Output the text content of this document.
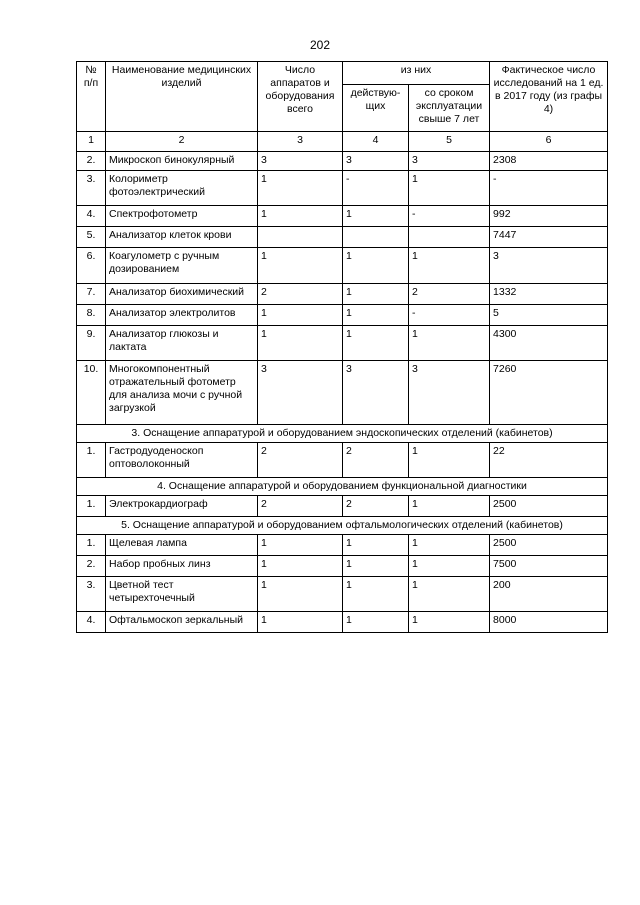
202
№ п/п	Наименование медицинских изделий	Число аппаратов и оборудования всего	из них		Фактическое число исследований на 1 ед. в 2017 году (из графы 4)
			действую-щих	со сроком эксплуатации свыше 7 лет	
1	2	3	4	5	6
2.	Микроскоп бинокулярный	3	3	3	2308
3.	Колориметр фотоэлектрический	1	-	1	-
4.	Спектрофотометр	1	1	-	992
5.	Анализатор клеток крови				7447
6.	Коагулометр с ручным дозированием	1	1	1	3
7.	Анализатор биохимический	2	1	2	1332
8.	Анализатор электролитов	1	1	-	5
9.	Анализатор глюкозы и лактата	1	1	1	4300
10.	Многокомпонентный отражательный фотометр для анализа мочи с ручной загрузкой	3	3	3	7260
3. Оснащение аппаратурой и оборудованием эндоскопических отделений (кабинетов)					
1.	Гастродуоденоскоп оптоволоконный	2	2	1	22
4. Оснащение аппаратурой и оборудованием функциональной диагностики					
1.	Электрокардиограф	2	2	1	2500
5. Оснащение аппаратурой и оборудованием офтальмологических отделений (кабинетов)					
1.	Щелевая лампа	1	1	1	2500
2.	Набор пробных линз	1	1	1	7500
3.	Цветной тест четырехточечный	1	1	1	200
4.	Офтальмоскоп зеркальный	1	1	1	8000
